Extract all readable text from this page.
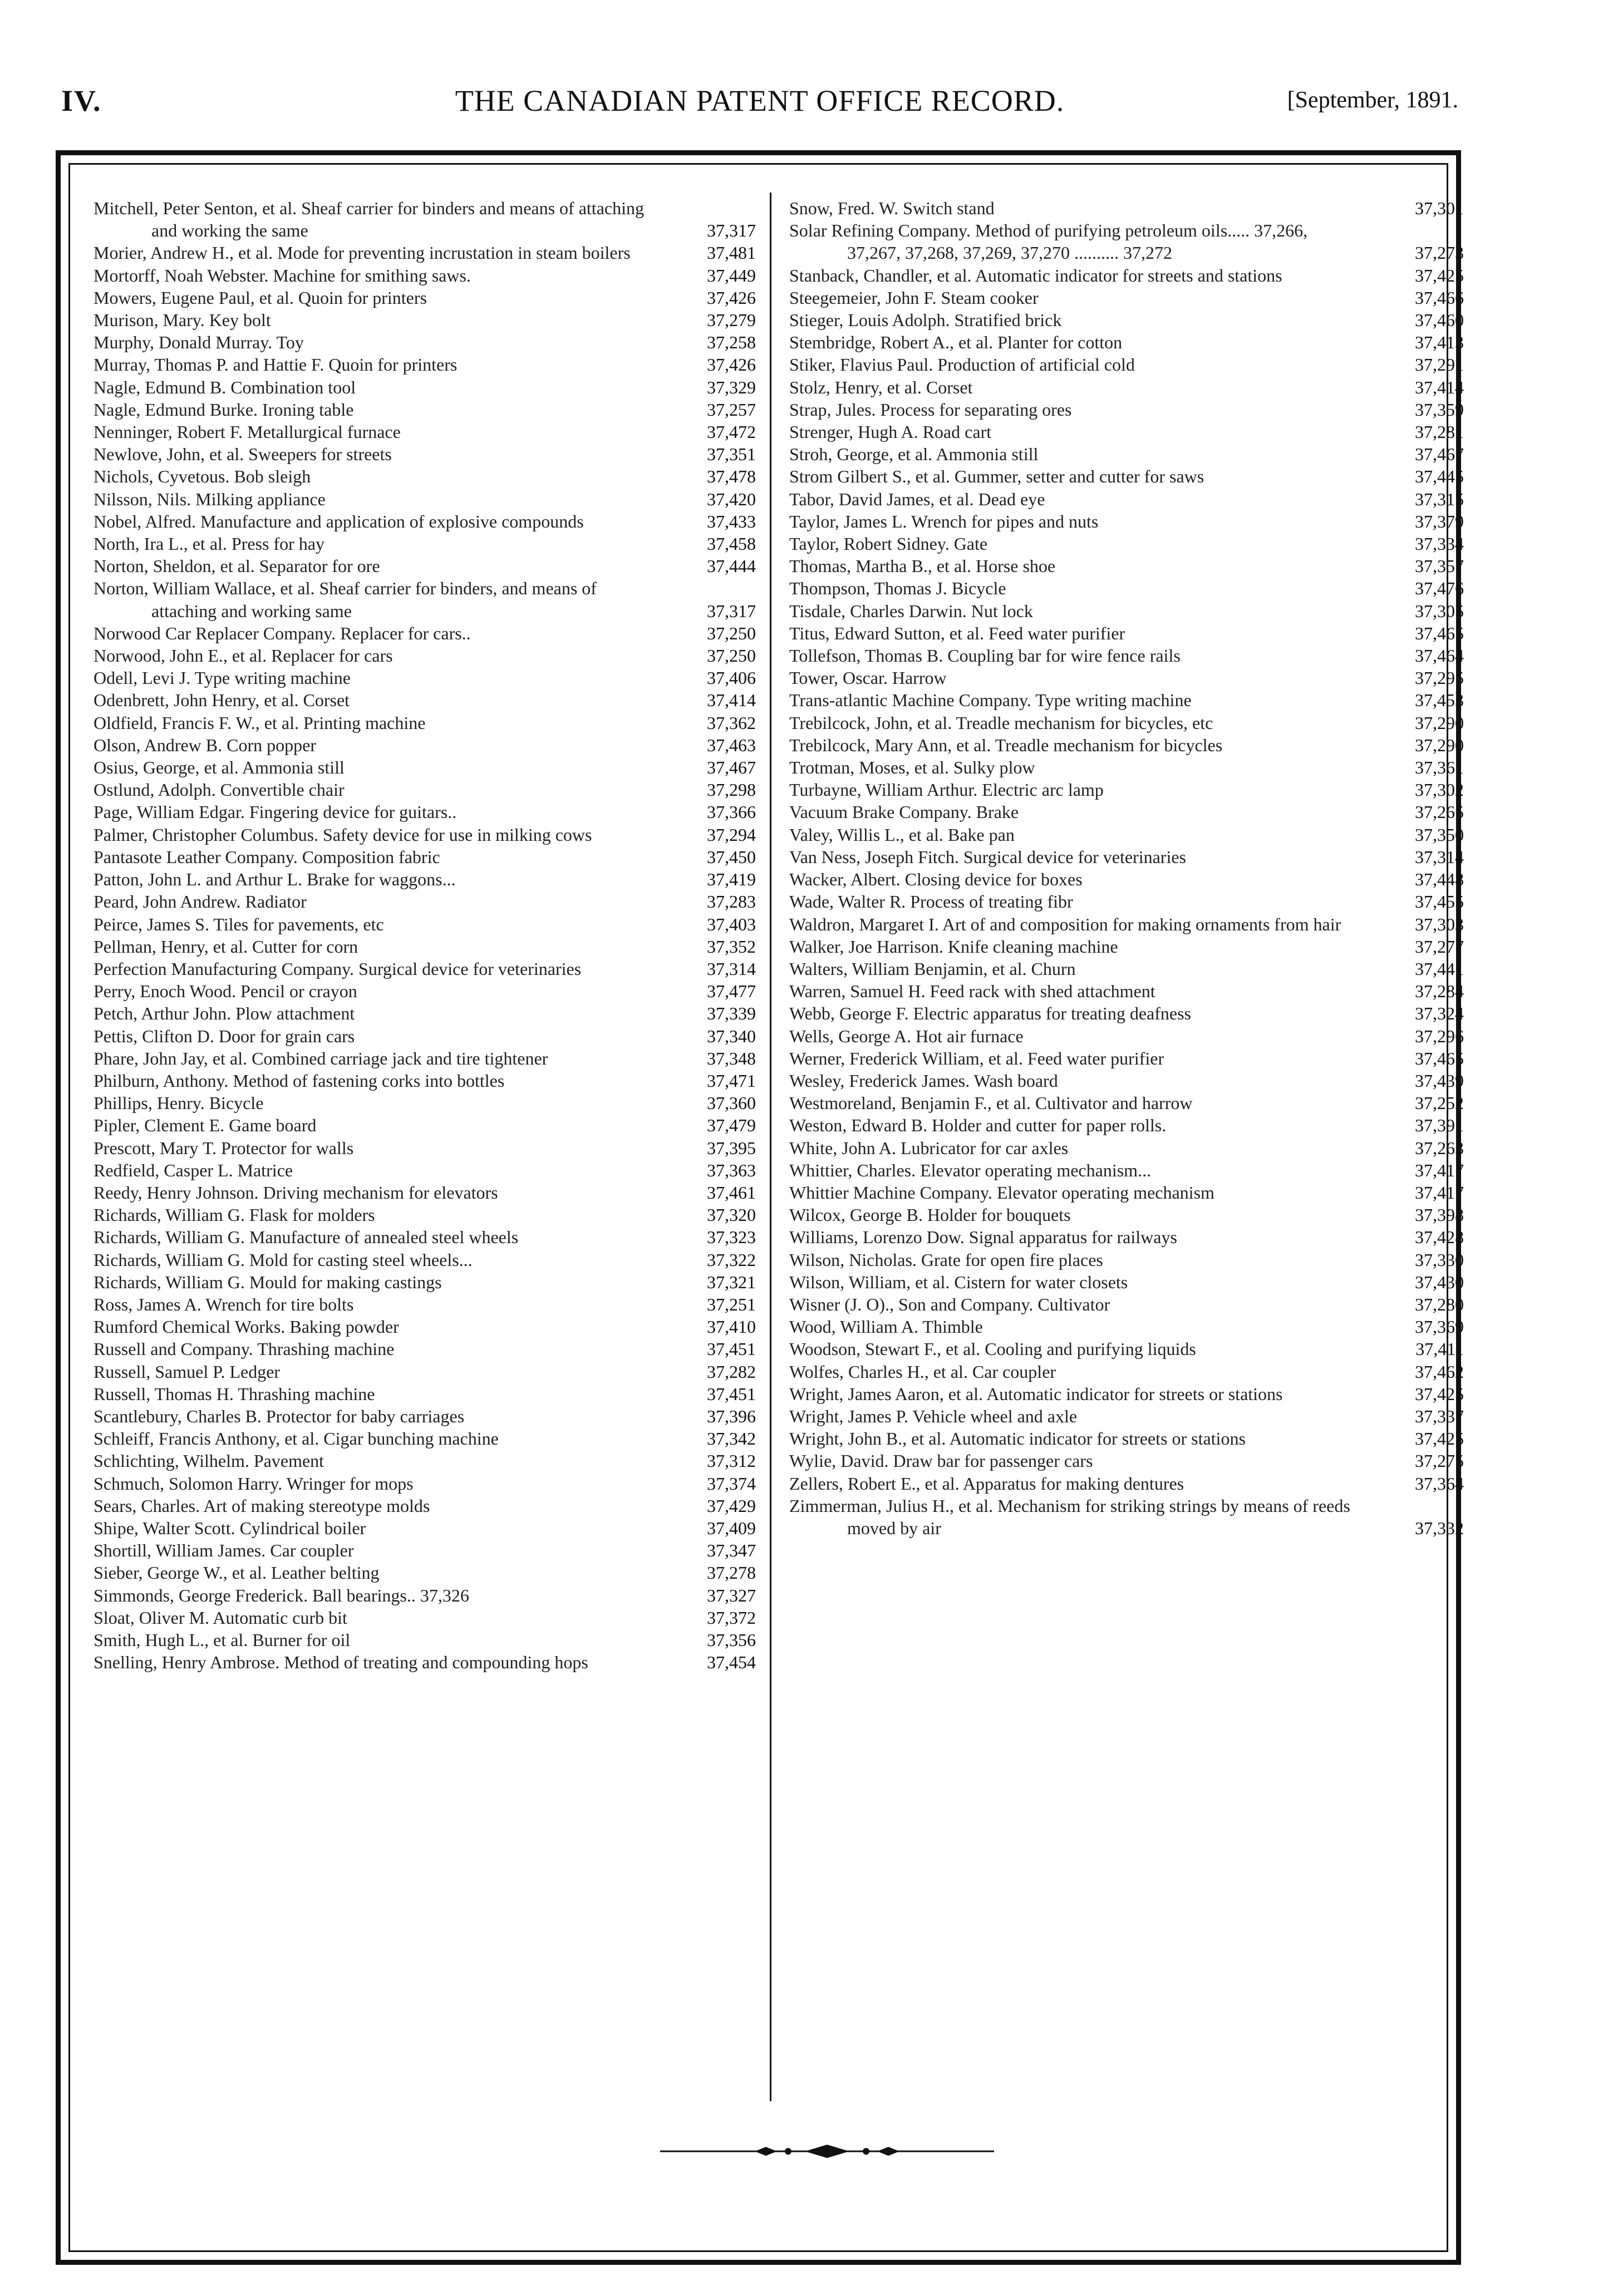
IV.	THE CANADIAN PATENT OFFICE RECORD.	[September, 1891.
Mitchell, Peter Senton, et al. Sheaf carrier for binders and means of attaching and working the same	37,317
Morier, Andrew H., et al. Mode for preventing incrustation in steam boilers	37,481
Mortorff, Noah Webster. Machine for smithing saws.	37,449
Mowers, Eugene Paul, et al. Quoin for printers	37,426
Murison, Mary. Key bolt	37,279
Murphy, Donald Murray. Toy	37,258
Murray, Thomas P. and Hattie F. Quoin for printers	37,426
Nagle, Edmund B. Combination tool	37,329
Nagle, Edmund Burke. Ironing table	37,257
Nenninger, Robert F. Metallurgical furnace	37,472
Newlove, John, et al. Sweepers for streets	37,351
Nichols, Cyvetous. Bob sleigh	37,478
Nilsson, Nils. Milking appliance	37,420
Nobel, Alfred. Manufacture and application of explosive compounds	37,433
North, Ira L., et al. Press for hay	37,458
Norton, Sheldon, et al. Separator for ore	37,444
Norton, William Wallace, et al. Sheaf carrier for binders, and means of attaching and working same	37,317
Norwood Car Replacer Company. Replacer for cars..	37,250
Norwood, John E., et al. Replacer for cars	37,250
Odell, Levi J. Type writing machine	37,406
Odenbrett, John Henry, et al. Corset	37,414
Oldfield, Francis F. W., et al. Printing machine	37,362
Olson, Andrew B. Corn popper	37,463
Osius, George, et al. Ammonia still	37,467
Ostlund, Adolph. Convertible chair	37,298
Page, William Edgar. Fingering device for guitars..	37,366
Palmer, Christopher Columbus. Safety device for use in milking cows	37,294
Pantasote Leather Company. Composition fabric	37,450
Patton, John L. and Arthur L. Brake for waggons...	37,419
Peard, John Andrew. Radiator	37,283
Peirce, James S. Tiles for pavements, etc	37,403
Pellman, Henry, et al. Cutter for corn	37,352
Perfection Manufacturing Company. Surgical device for veterinaries	37,314
Perry, Enoch Wood. Pencil or crayon	37,477
Petch, Arthur John. Plow attachment	37,339
Pettis, Clifton D. Door for grain cars	37,340
Phare, John Jay, et al. Combined carriage jack and tire tightener	37,348
Philburn, Anthony. Method of fastening corks into bottles	37,471
Phillips, Henry. Bicycle	37,360
Pipler, Clement E. Game board	37,479
Prescott, Mary T. Protector for walls	37,395
Redfield, Casper L. Matrice	37,363
Reedy, Henry Johnson. Driving mechanism for elevators	37,461
Richards, William G. Flask for molders	37,320
Richards, William G. Manufacture of annealed steel wheels	37,323
Richards, William G. Mold for casting steel wheels...	37,322
Richards, William G. Mould for making castings	37,321
Ross, James A. Wrench for tire bolts	37,251
Rumford Chemical Works. Baking powder	37,410
Russell and Company. Thrashing machine	37,451
Russell, Samuel P. Ledger	37,282
Russell, Thomas H. Thrashing machine	37,451
Scantlebury, Charles B. Protector for baby carriages	37,396
Schleiff, Francis Anthony, et al. Cigar bunching machine	37,342
Schlichting, Wilhelm. Pavement	37,312
Schmuch, Solomon Harry. Wringer for mops	37,374
Sears, Charles. Art of making stereotype molds	37,429
Shipe, Walter Scott. Cylindrical boiler	37,409
Shortill, William James. Car coupler	37,347
Sieber, George W., et al. Leather belting	37,278
Simmonds, George Frederick. Ball bearings.. 37,326	37,327
Sloat, Oliver M. Automatic curb bit	37,372
Smith, Hugh L., et al. Burner for oil	37,356
Snelling, Henry Ambrose. Method of treating and compounding hops	37,454
Snow, Fred. W. Switch stand	37,301
Solar Refining Company. Method of purifying petroleum oils..... 37,266, 37,267, 37,268, 37,269, 37,270 .......... 37,272	37,273
Stanback, Chandler, et al. Automatic indicator for streets and stations	37,425
Steegemeier, John F. Steam cooker	37,466
Stieger, Louis Adolph. Stratified brick	37,460
Stembridge, Robert A., et al. Planter for cotton	37,413
Stiker, Flavius Paul. Production of artificial cold	37,291
Stolz, Henry, et al. Corset	37,414
Strap, Jules. Process for separating ores	37,359
Strenger, Hugh A. Road cart	37,281
Stroh, George, et al. Ammonia still	37,467
Strom Gilbert S., et al. Gummer, setter and cutter for saws	37,445
Tabor, David James, et al. Dead eye	37,315
Taylor, James L. Wrench for pipes and nuts	37,379
Taylor, Robert Sidney. Gate	37,334
Thomas, Martha B., et al. Horse shoe	37,357
Thompson, Thomas J. Bicycle	37,476
Tisdale, Charles Darwin. Nut lock	37,305
Titus, Edward Sutton, et al. Feed water purifier	37,465
Tollefson, Thomas B. Coupling bar for wire fence rails	37,464
Tower, Oscar. Harrow	37,295
Trans-atlantic Machine Company. Type writing machine	37,453
Trebilcock, John, et al. Treadle mechanism for bicycles, etc	37,290
Trebilcock, Mary Ann, et al. Treadle mechanism for bicycles	37,290
Trotman, Moses, et al. Sulky plow	37,361
Turbayne, William Arthur. Electric arc lamp	37,302
Vacuum Brake Company. Brake	37,265
Valey, Willis L., et al. Bake pan	37,350
Van Ness, Joseph Fitch. Surgical device for veterinaries	37,314
Wacker, Albert. Closing device for boxes	37,448
Wade, Walter R. Process of treating fibr	37,455
Waldron, Margaret I. Art of and composition for making ornaments from hair	37,303
Walker, Joe Harrison. Knife cleaning machine	37,277
Walters, William Benjamin, et al. Churn	37,441
Warren, Samuel H. Feed rack with shed attachment	37,284
Webb, George F. Electric apparatus for treating deafness	37,324
Wells, George A. Hot air furnace	37,296
Werner, Frederick William, et al. Feed water purifier	37,465
Wesley, Frederick James. Wash board	37,439
Westmoreland, Benjamin F., et al. Cultivator and harrow	37,252
Weston, Edward B. Holder and cutter for paper rolls.	37,391
White, John A. Lubricator for car axles	37,263
Whittier, Charles. Elevator operating mechanism...	37,417
Whittier Machine Company. Elevator operating mechanism	37,417
Wilcox, George B. Holder for bouquets	37,398
Williams, Lorenzo Dow. Signal apparatus for railways	37,428
Wilson, Nicholas. Grate for open fire places	37,330
Wilson, William, et al. Cistern for water closets	37,430
Wisner (J. O)., Son and Company. Cultivator	37,280
Wood, William A. Thimble	37,369
Woodson, Stewart F., et al. Cooling and purifying liquids	37,411
Wolfes, Charles H., et al. Car coupler	37,462
Wright, James Aaron, et al. Automatic indicator for streets or stations	37,425
Wright, James P. Vehicle wheel and axle	37,337
Wright, John B., et al. Automatic indicator for streets or stations	37,425
Wylie, David. Draw bar for passenger cars	37,275
Zellers, Robert E., et al. Apparatus for making dentures	37,364
Zimmerman, Julius H., et al. Mechanism for striking strings by means of reeds moved by air	37,332
